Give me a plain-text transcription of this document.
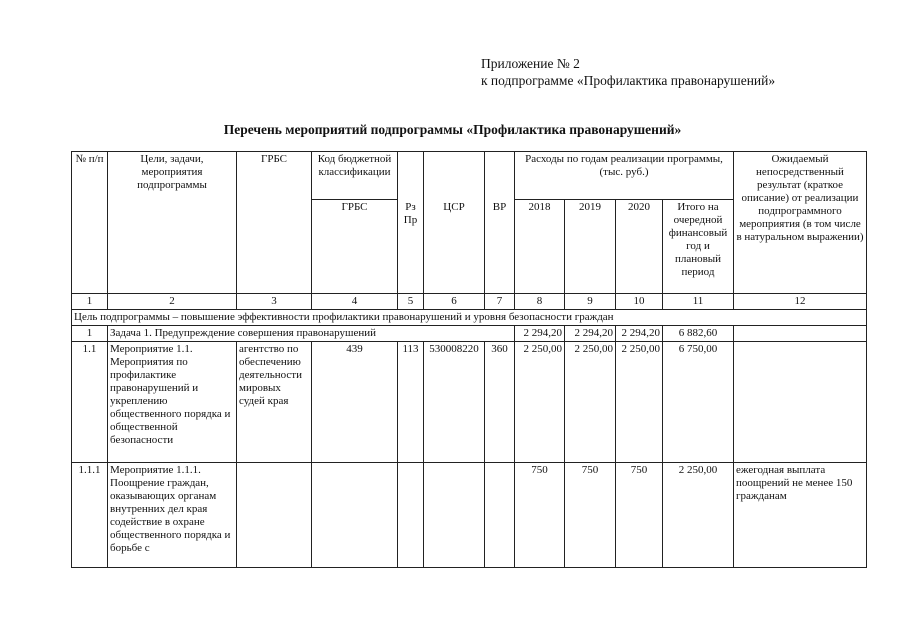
Приложение № 2
к подпрограмме «Профилактика правонарушений»
Перечень мероприятий подпрограммы «Профилактика правонарушений»
№ п/п	Цели, задачи, мероприятия подпрограммы	ГРБС	Код бюджетной классификации				Расходы по годам реализации программы, (тыс. руб.)				Ожидаемый непосредственный результат (краткое описание) от реализации подпрограммного мероприятия (в том числе в натуральном выражении)
			ГРБС	Рз Пр	ЦСР	ВР	2018	2019	2020	Итого на очередной финансовый год и плановый период	
1	2	3	4	5	6	7	8	9	10	11	12
Цель подпрограммы – повышение эффективности профилактики правонарушений и уровня безопасности граждан											
1	Задача 1. Предупреждение совершения правонарушений						2 294,20	2 294,20	2 294,20	6 882,60	
1.1	Мероприятие 1.1. Мероприятия по профилактике правонарушений и укреплению общественного порядка и общественной безопасности	агентство по обеспечению деятельности мировых судей края	439	113	530008220	360	2 250,00	2 250,00	2 250,00	6 750,00	
1.1.1	Мероприятие 1.1.1. Поощрение граждан, оказывающих органам внутренних дел края содействие в охране общественного порядка и борьбе с						750	750	750	2 250,00	ежегодная выплата поощрений не менее 150 гражданам
